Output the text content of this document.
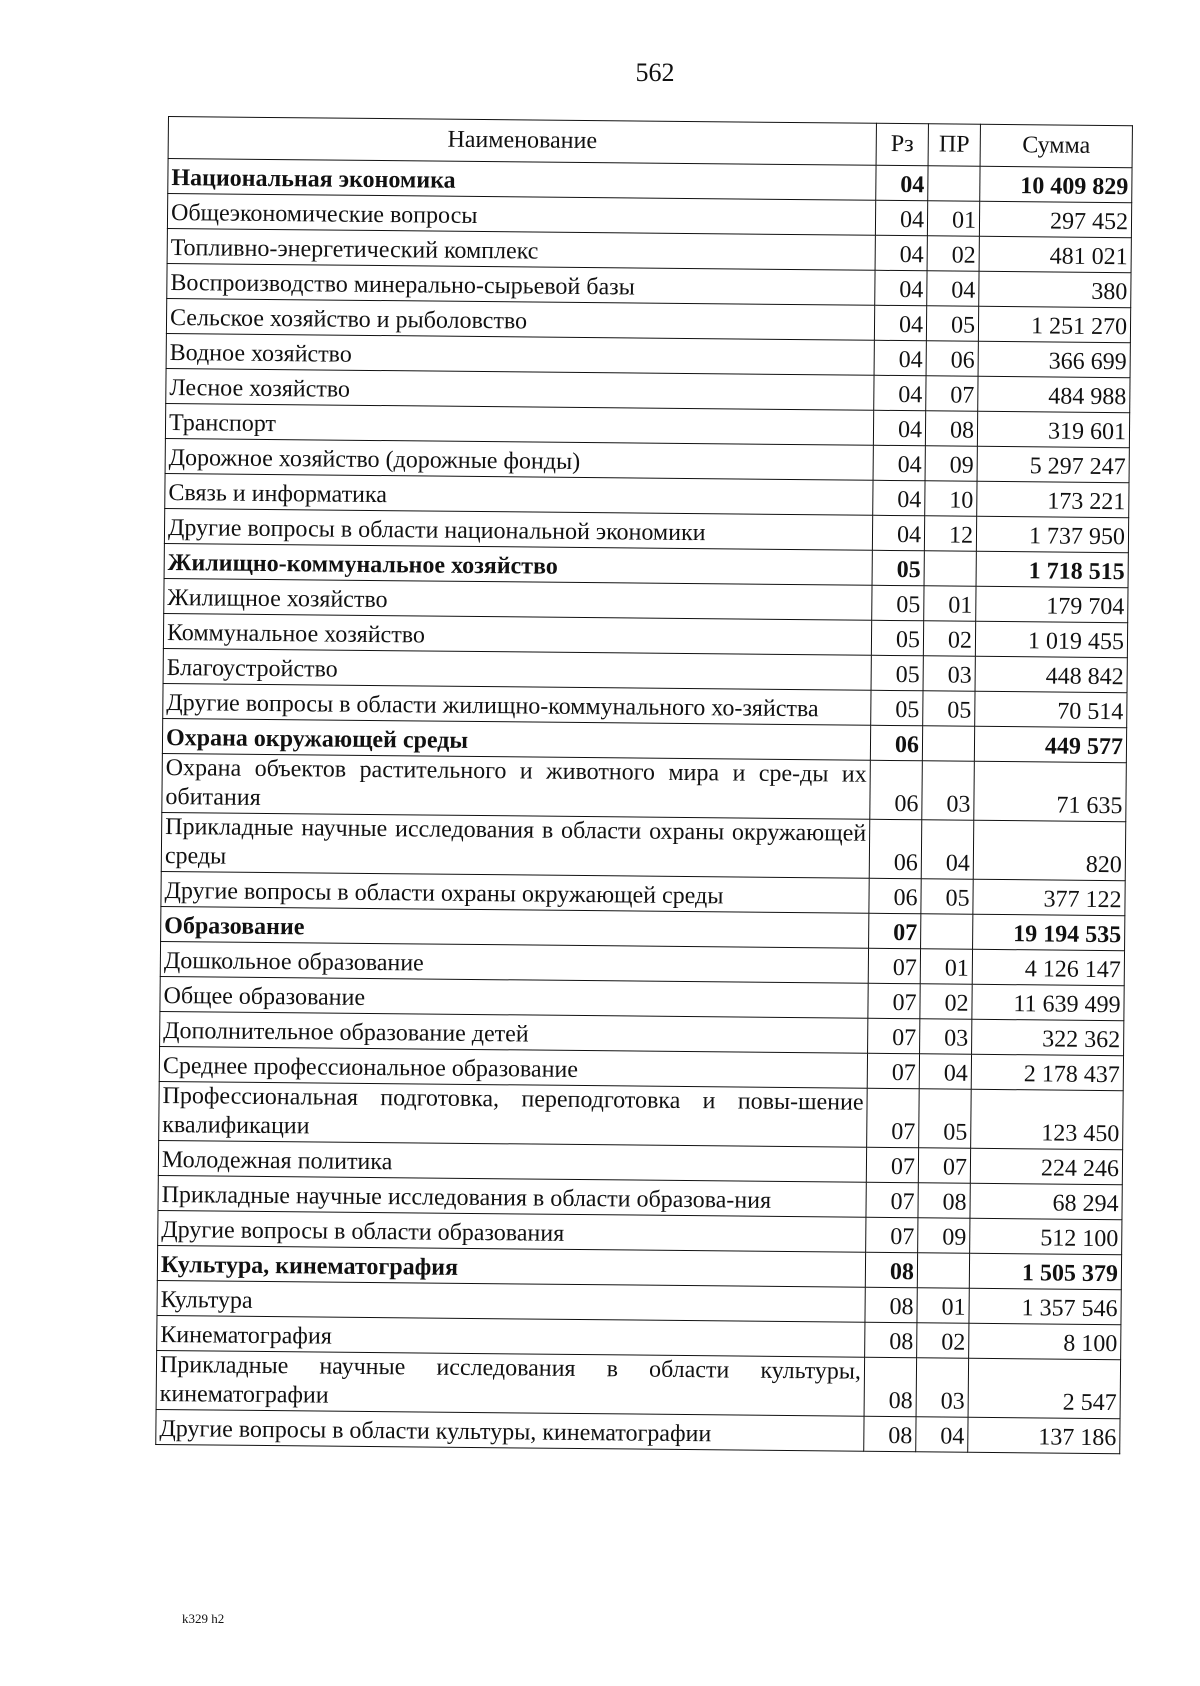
562
Наименование	Рз	ПР	Сумма
Национальная экономика	04		10 409 829
Общеэкономические вопросы	04	01	297 452
Топливно-энергетический комплекс	04	02	481 021
Воспроизводство минерально-сырьевой базы	04	04	380
Сельское хозяйство и рыболовство	04	05	1 251 270
Водное хозяйство	04	06	366 699
Лесное хозяйство	04	07	484 988
Транспорт	04	08	319 601
Дорожное хозяйство (дорожные фонды)	04	09	5 297 247
Связь и информатика	04	10	173 221
Другие вопросы в области национальной экономики	04	12	1 737 950
Жилищно-коммунальное хозяйство	05		1 718 515
Жилищное хозяйство	05	01	179 704
Коммунальное хозяйство	05	02	1 019 455
Благоустройство	05	03	448 842
Другие вопросы в области жилищно-коммунального хо-зяйства	05	05	70 514
Охрана окружающей среды	06		449 577
Охрана объектов растительного и животного мира и сре-ды их обитания	06	03	71 635
Прикладные научные исследования в области охраны окружающей среды	06	04	820
Другие вопросы в области охраны окружающей среды	06	05	377 122
Образование	07		19 194 535
Дошкольное образование	07	01	4 126 147
Общее образование	07	02	11 639 499
Дополнительное образование детей	07	03	322 362
Среднее профессиональное образование	07	04	2 178 437
Профессиональная подготовка, переподготовка и повы-шение квалификации	07	05	123 450
Молодежная политика	07	07	224 246
Прикладные научные исследования в области образова-ния	07	08	68 294
Другие вопросы в области образования	07	09	512 100
Культура, кинематография	08		1 505 379
Культура	08	01	1 357 546
Кинематография	08	02	8 100
Прикладные научные исследования в области культуры, кинематографии	08	03	2 547
Другие вопросы в области культуры, кинематографии	08	04	137 186
k329 h2
